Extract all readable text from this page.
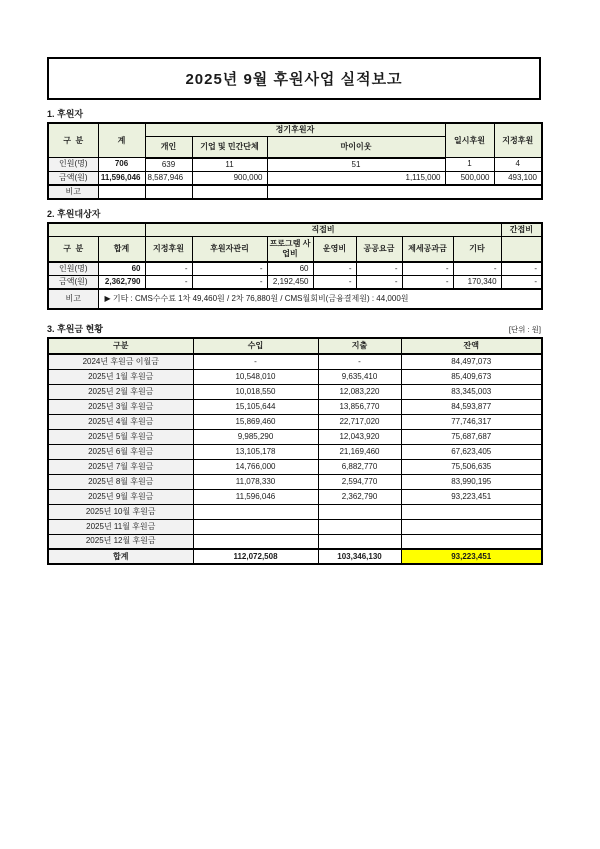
2025년 9월 후원사업 실적보고
1. 후원자
구  분	계	정기후원자			일시후원	지정후원
		개인	기업 및 민간단체	마이이웃		
인원(명)	706	639	11	51	1	4
금액(원)	11,596,046	8,587,946	900,000	1,115,000	500,000	493,100
비고						
2. 후원대상자
		직접비							간접비
구  분	합계	지정후원	후원자관리	프로그램 사업비	운영비	공공요금	제세공과금	기타	
인원(명)	60	-	-	60	-	-	-	-	-
금액(원)	2,362,790	-	-	2,192,450	-	-	-	170,340	-
비고	▶ 기타 : CMS수수료 1차 49,460원 / 2차 76,880원 / CMS월회비(금융결제원) : 44,000원								
3. 후원금 현황	[단위 : 원]
구분	수입	지출	잔액
2024년 후원금 이월금	-	-	84,497,073
2025년 1월 후원금	10,548,010	9,635,410	85,409,673
2025년 2월 후원금	10,018,550	12,083,220	83,345,003
2025년 3월 후원금	15,105,644	13,856,770	84,593,877
2025년 4월 후원금	15,869,460	22,717,020	77,746,317
2025년 5월 후원금	9,985,290	12,043,920	75,687,687
2025년 6월 후원금	13,105,178	21,169,460	67,623,405
2025년 7월 후원금	14,766,000	6,882,770	75,506,635
2025년 8월 후원금	11,078,330	2,594,770	83,990,195
2025년 9월 후원금	11,596,046	2,362,790	93,223,451
2025년 10월 후원금			
2025년 11월 후원금			
2025년 12월 후원금			
합계	112,072,508	103,346,130	93,223,451
